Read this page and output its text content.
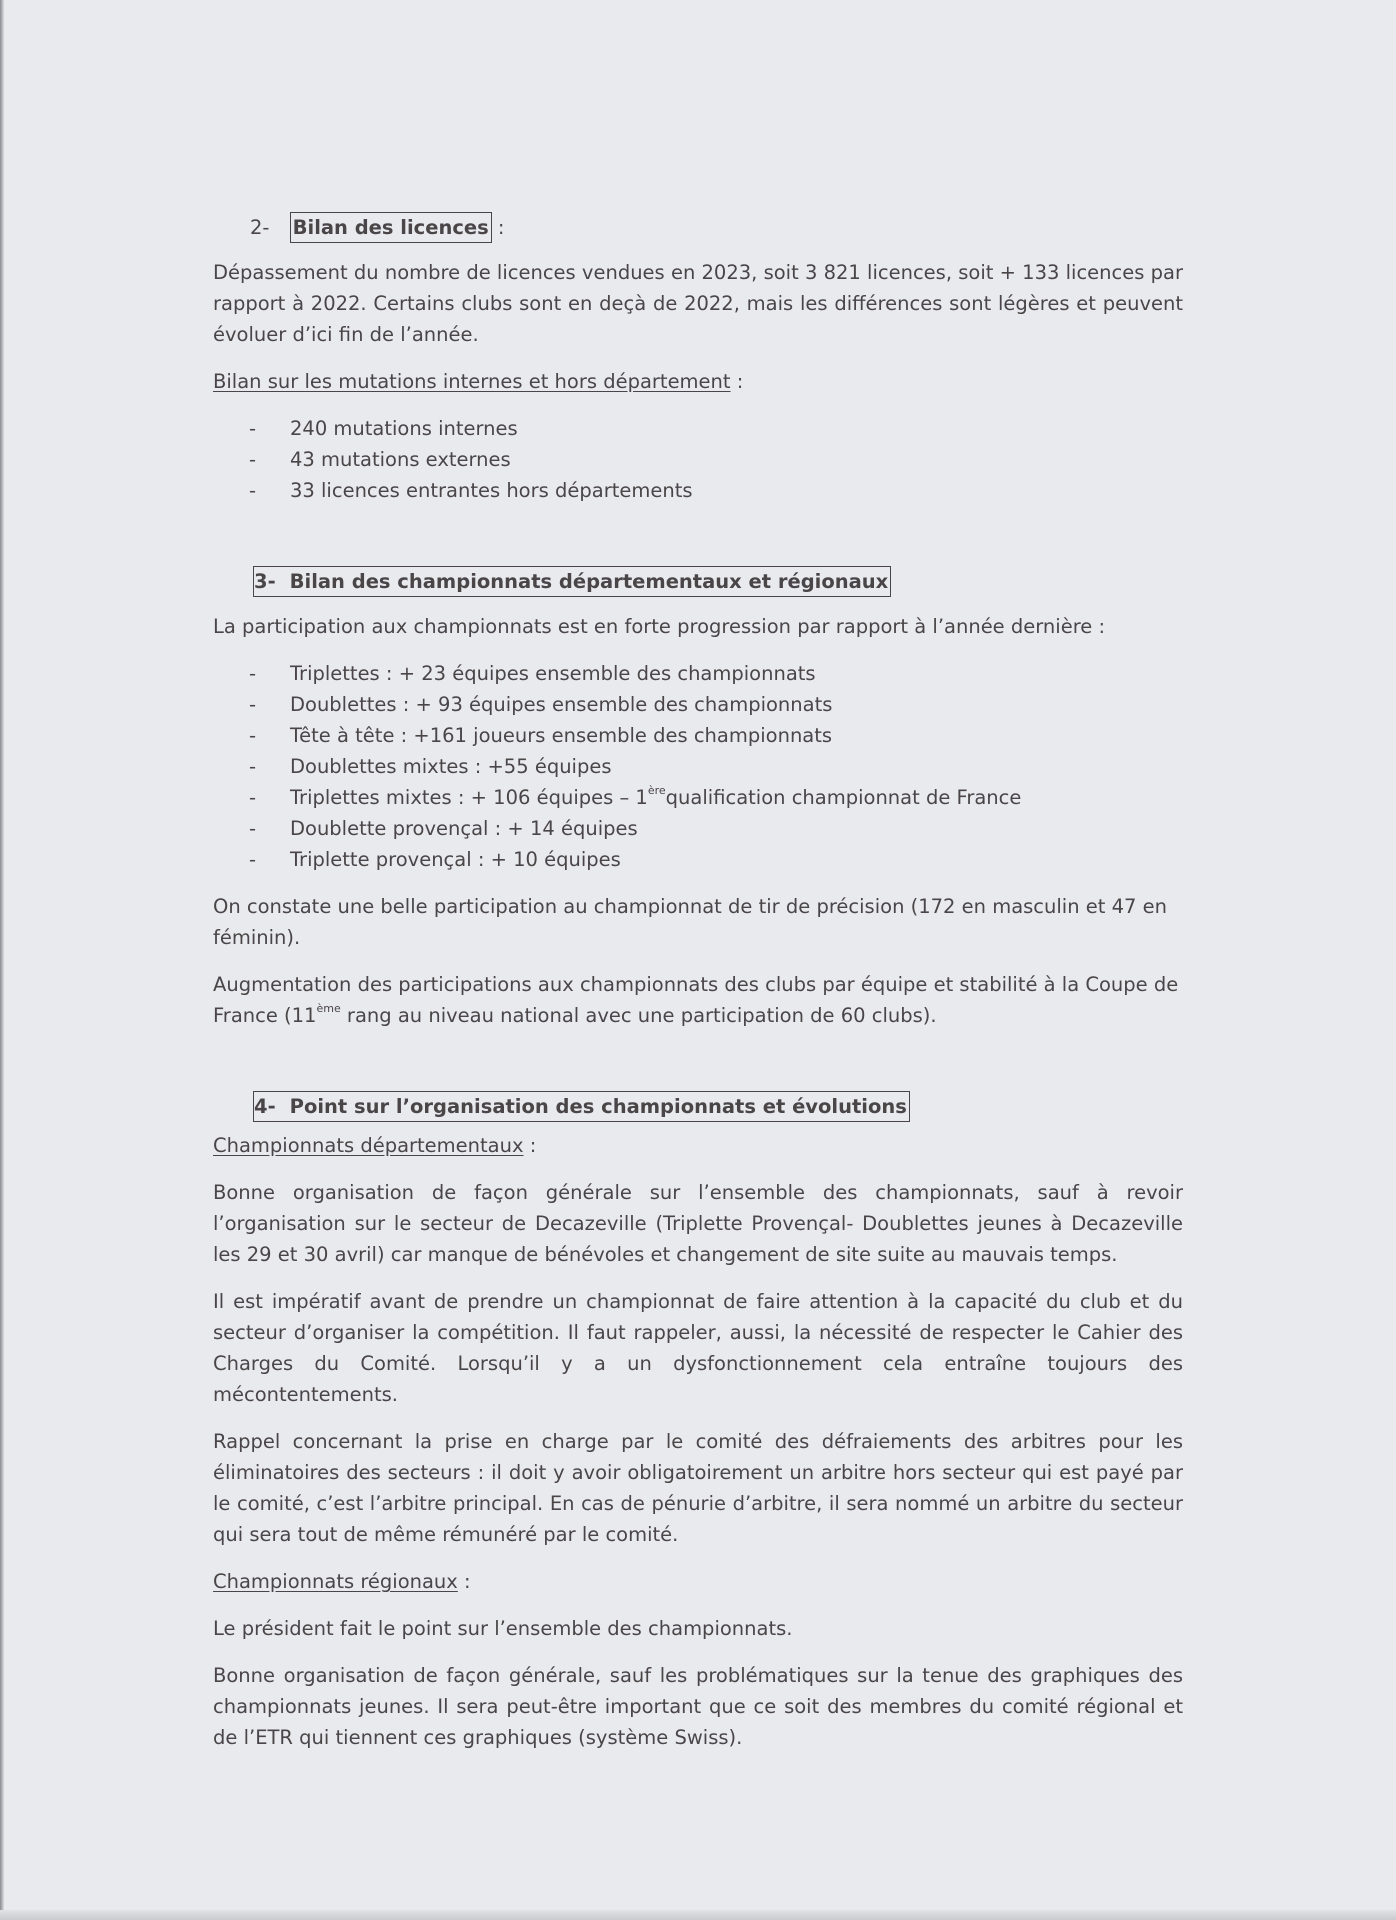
2- Bilan des licences :

Dépassement du nombre de licences vendues en 2023, soit 3 821 licences, soit + 133 licences par rapport à 2022. Certains clubs sont en deçà de 2022, mais les différences sont légères et peuvent évoluer d’ici fin de l’année.

Bilan sur les mutations internes et hors département :

- 240 mutations internes
- 43 mutations externes
- 33 licences entrantes hors départements

3- Bilan des championnats départementaux et régionaux

La participation aux championnats est en forte progression par rapport à l’année dernière :

- Triplettes : + 23 équipes ensemble des championnats
- Doublettes : + 93 équipes ensemble des championnats
- Tête à tête : +161 joueurs ensemble des championnats
- Doublettes mixtes : +55 équipes
- Triplettes mixtes : + 106 équipes – 1èrequalification championnat de France
- Doublette provençal : + 14 équipes
- Triplette provençal : + 10 équipes

On constate une belle participation au championnat de tir de précision (172 en masculin et 47 en féminin).

Augmentation des participations aux championnats des clubs par équipe et stabilité à la Coupe de France (11ème rang au niveau national avec une participation de 60 clubs).

4- Point sur l’organisation des championnats et évolutions

Championnats départementaux :

Bonne organisation de façon générale sur l’ensemble des championnats, sauf à revoir l’organisation sur le secteur de Decazeville (Triplette Provençal- Doublettes jeunes à Decazeville les 29 et 30 avril) car manque de bénévoles et changement de site suite au mauvais temps.

Il est impératif avant de prendre un championnat de faire attention à la capacité du club et du secteur d’organiser la compétition. Il faut rappeler, aussi, la nécessité de respecter le Cahier des Charges du Comité. Lorsqu’il y a un dysfonctionnement cela entraîne toujours des mécontentements.

Rappel concernant la prise en charge par le comité des défraiements des arbitres pour les éliminatoires des secteurs : il doit y avoir obligatoirement un arbitre hors secteur qui est payé par le comité, c’est l’arbitre principal. En cas de pénurie d’arbitre, il sera nommé un arbitre du secteur qui sera tout de même rémunéré par le comité.

Championnats régionaux :

Le président fait le point sur l’ensemble des championnats.

Bonne organisation de façon générale, sauf les problématiques sur la tenue des graphiques des championnats jeunes. Il sera peut-être important que ce soit des membres du comité régional et de l’ETR qui tiennent ces graphiques (système Swiss).
